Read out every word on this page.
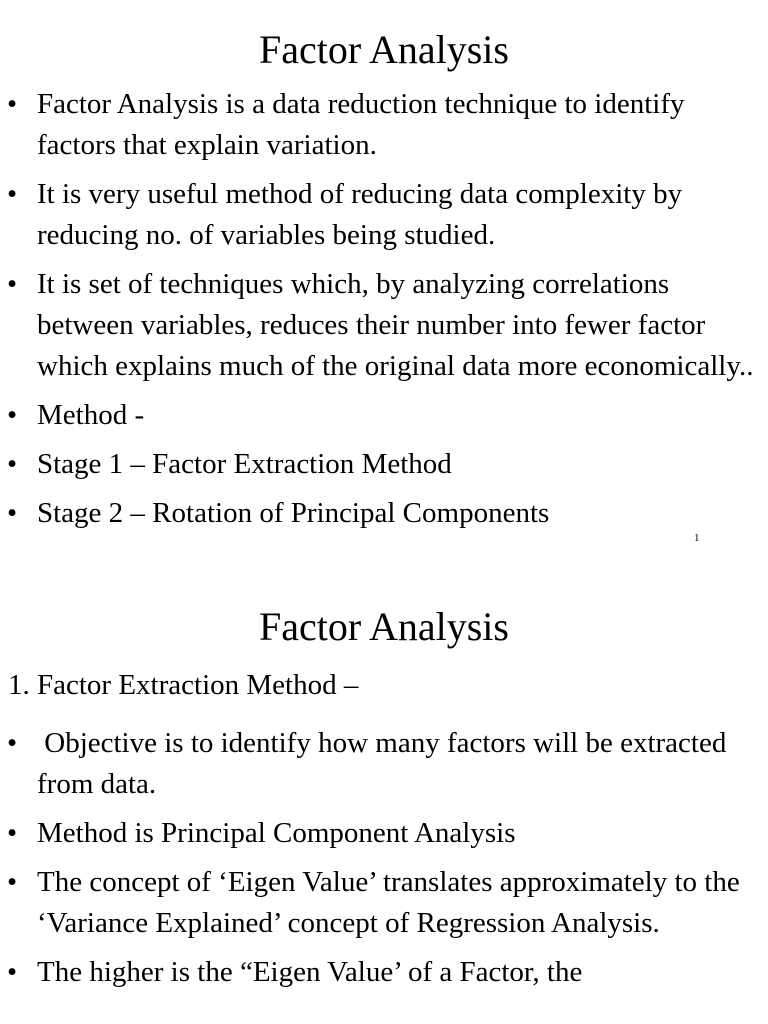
Factor Analysis
• Factor Analysis is a data reduction technique to identify factors that explain variation.
• It is very useful method of reducing data complexity by reducing no. of variables being studied.
• It is set of techniques which, by analyzing correlations between variables, reduces their number into fewer factor which explains much of the original data more economically..
• Method -
• Stage 1 – Factor Extraction Method
• Stage 2 – Rotation of Principal Components
1
Factor Analysis
1. Factor Extraction Method –
• Objective is to identify how many factors will be extracted from data.
• Method is Principal Component Analysis
• The concept of ‘Eigen Value’ translates approximately to the ‘Variance Explained’ concept of Regression Analysis.
• The higher is the “Eigen Value’ of a Factor, the
